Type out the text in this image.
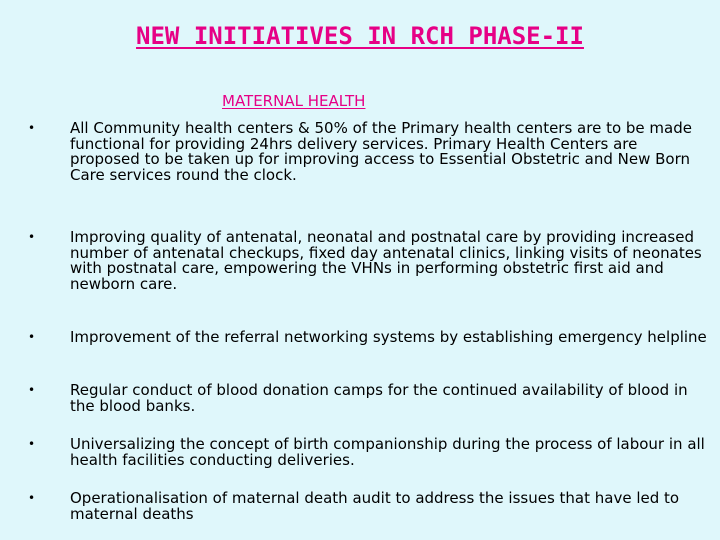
NEW INITIATIVES IN RCH PHASE-II
MATERNAL HEALTH
•	All Community health centers & 50% of the Primary health centers are to be made functional for providing 24hrs delivery services. Primary Health Centers are proposed to be taken up for improving access to Essential Obstetric and New Born Care services round the clock.
•	Improving quality of antenatal, neonatal and postnatal care by providing increased number of antenatal checkups, fixed day antenatal clinics, linking visits of neonates with postnatal care, empowering the VHNs in performing obstetric first aid and newborn care.
•	Improvement of the referral networking systems by establishing emergency helpline
•	Regular conduct of blood donation camps for the continued availability of blood in the blood banks.
•	Universalizing the concept of birth companionship during the process of labour in all health facilities conducting deliveries.
•	Operationalisation of maternal death audit to address the issues that have led to maternal deaths
